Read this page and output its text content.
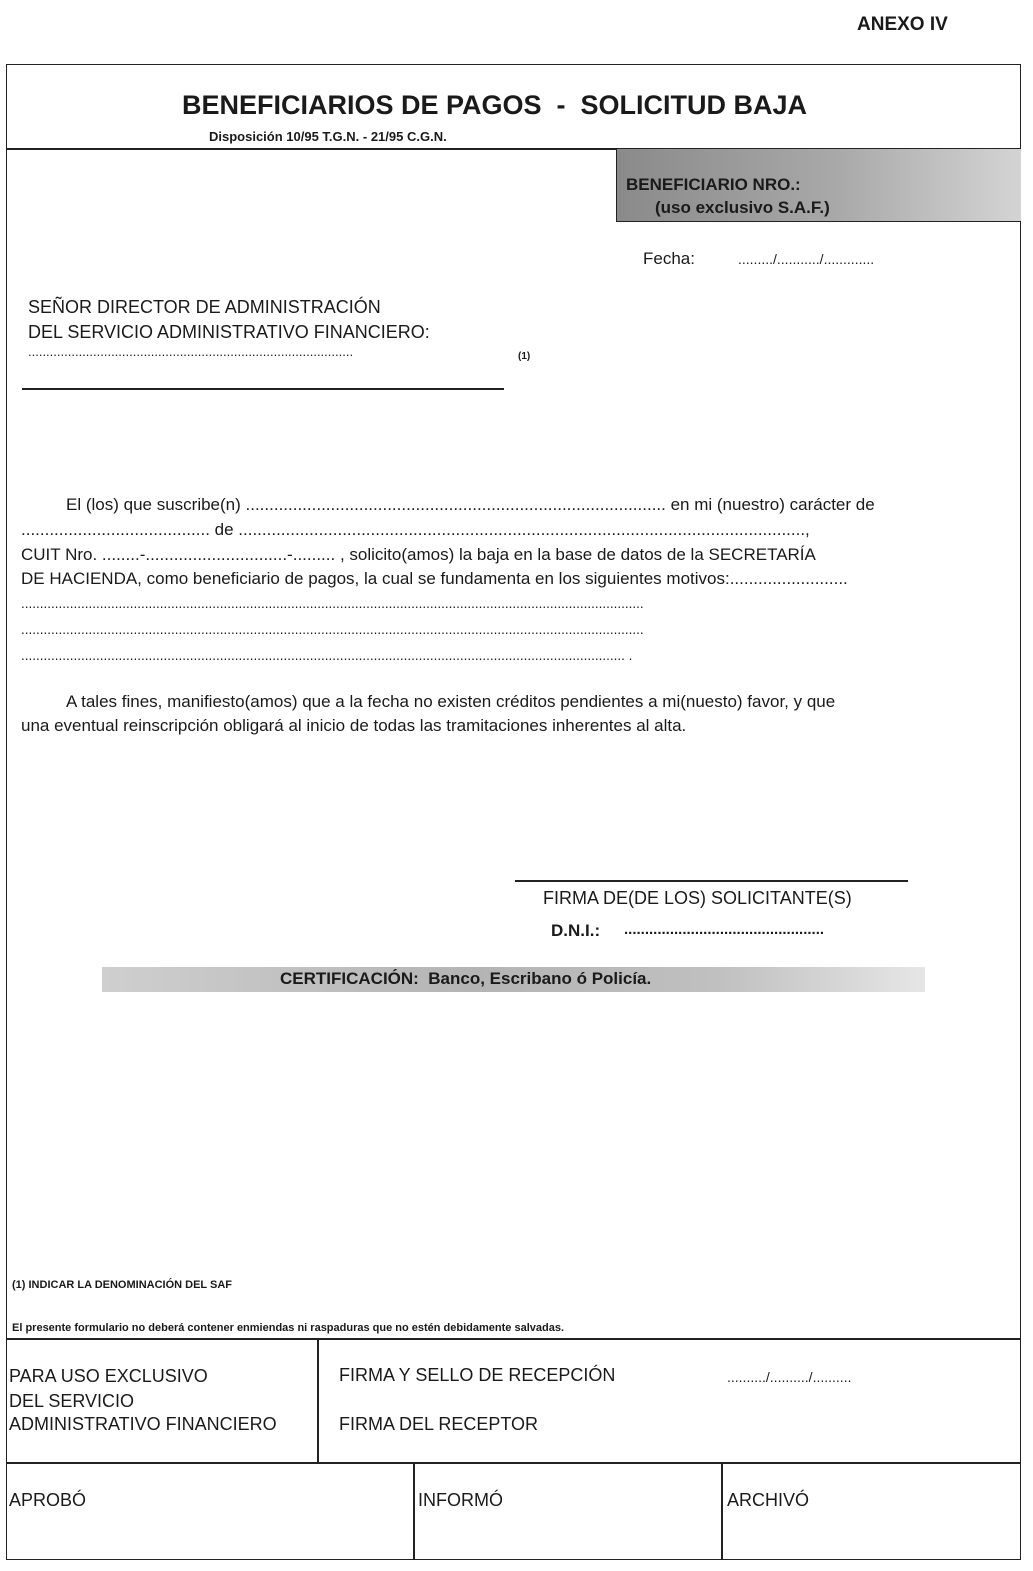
ANEXO IV
BENEFICIARIOS DE PAGOS  -  SOLICITUD BAJA
Disposición 10/95 T.G.N. - 21/95 C.G.N.
BENEFICIARIO NRO.:
(uso exclusivo S.A.F.)
Fecha:	........./.........../.............
SEÑOR DIRECTOR DE ADMINISTRACIÓN
DEL SERVICIO ADMINISTRATIVO FINANCIERO:
..........................................................................................	(1)
El (los) que suscribe(n) ......................................................................................... en mi (nuestro) carácter de
........................................ de ........................................................................................................................,
CUIT Nro. ........-..............................-......... , solicito(amos) la baja en la base de datos de la SECRETARÍA
DE HACIENDA, como beneficiario de pagos, la cual se fundamenta en los siguientes motivos:.........................
......................................................................................................................................................................
......................................................................................................................................................................
................................................................................................................................................................. .
A tales fines, manifiesto(amos) que a la fecha no existen créditos pendientes a mi(nuesto) favor, y que
una eventual reinscripción obligará al inicio de todas las tramitaciones inherentes al alta.
FIRMA DE(DE LOS) SOLICITANTE(S)
D.N.I.: ................................................
CERTIFICACIÓN:  Banco, Escribano ó Policía.
(1) INDICAR LA DENOMINACIÓN DEL SAF
El presente formulario no deberá contener enmiendas ni raspaduras que no estén debidamente salvadas.
PARA USO EXCLUSIVO
DEL SERVICIO
ADMINISTRATIVO FINANCIERO
FIRMA Y SELLO DE RECEPCIÓN	........../........../..........
FIRMA DEL RECEPTOR
APROBÓ	INFORMÓ	ARCHIVÓ
